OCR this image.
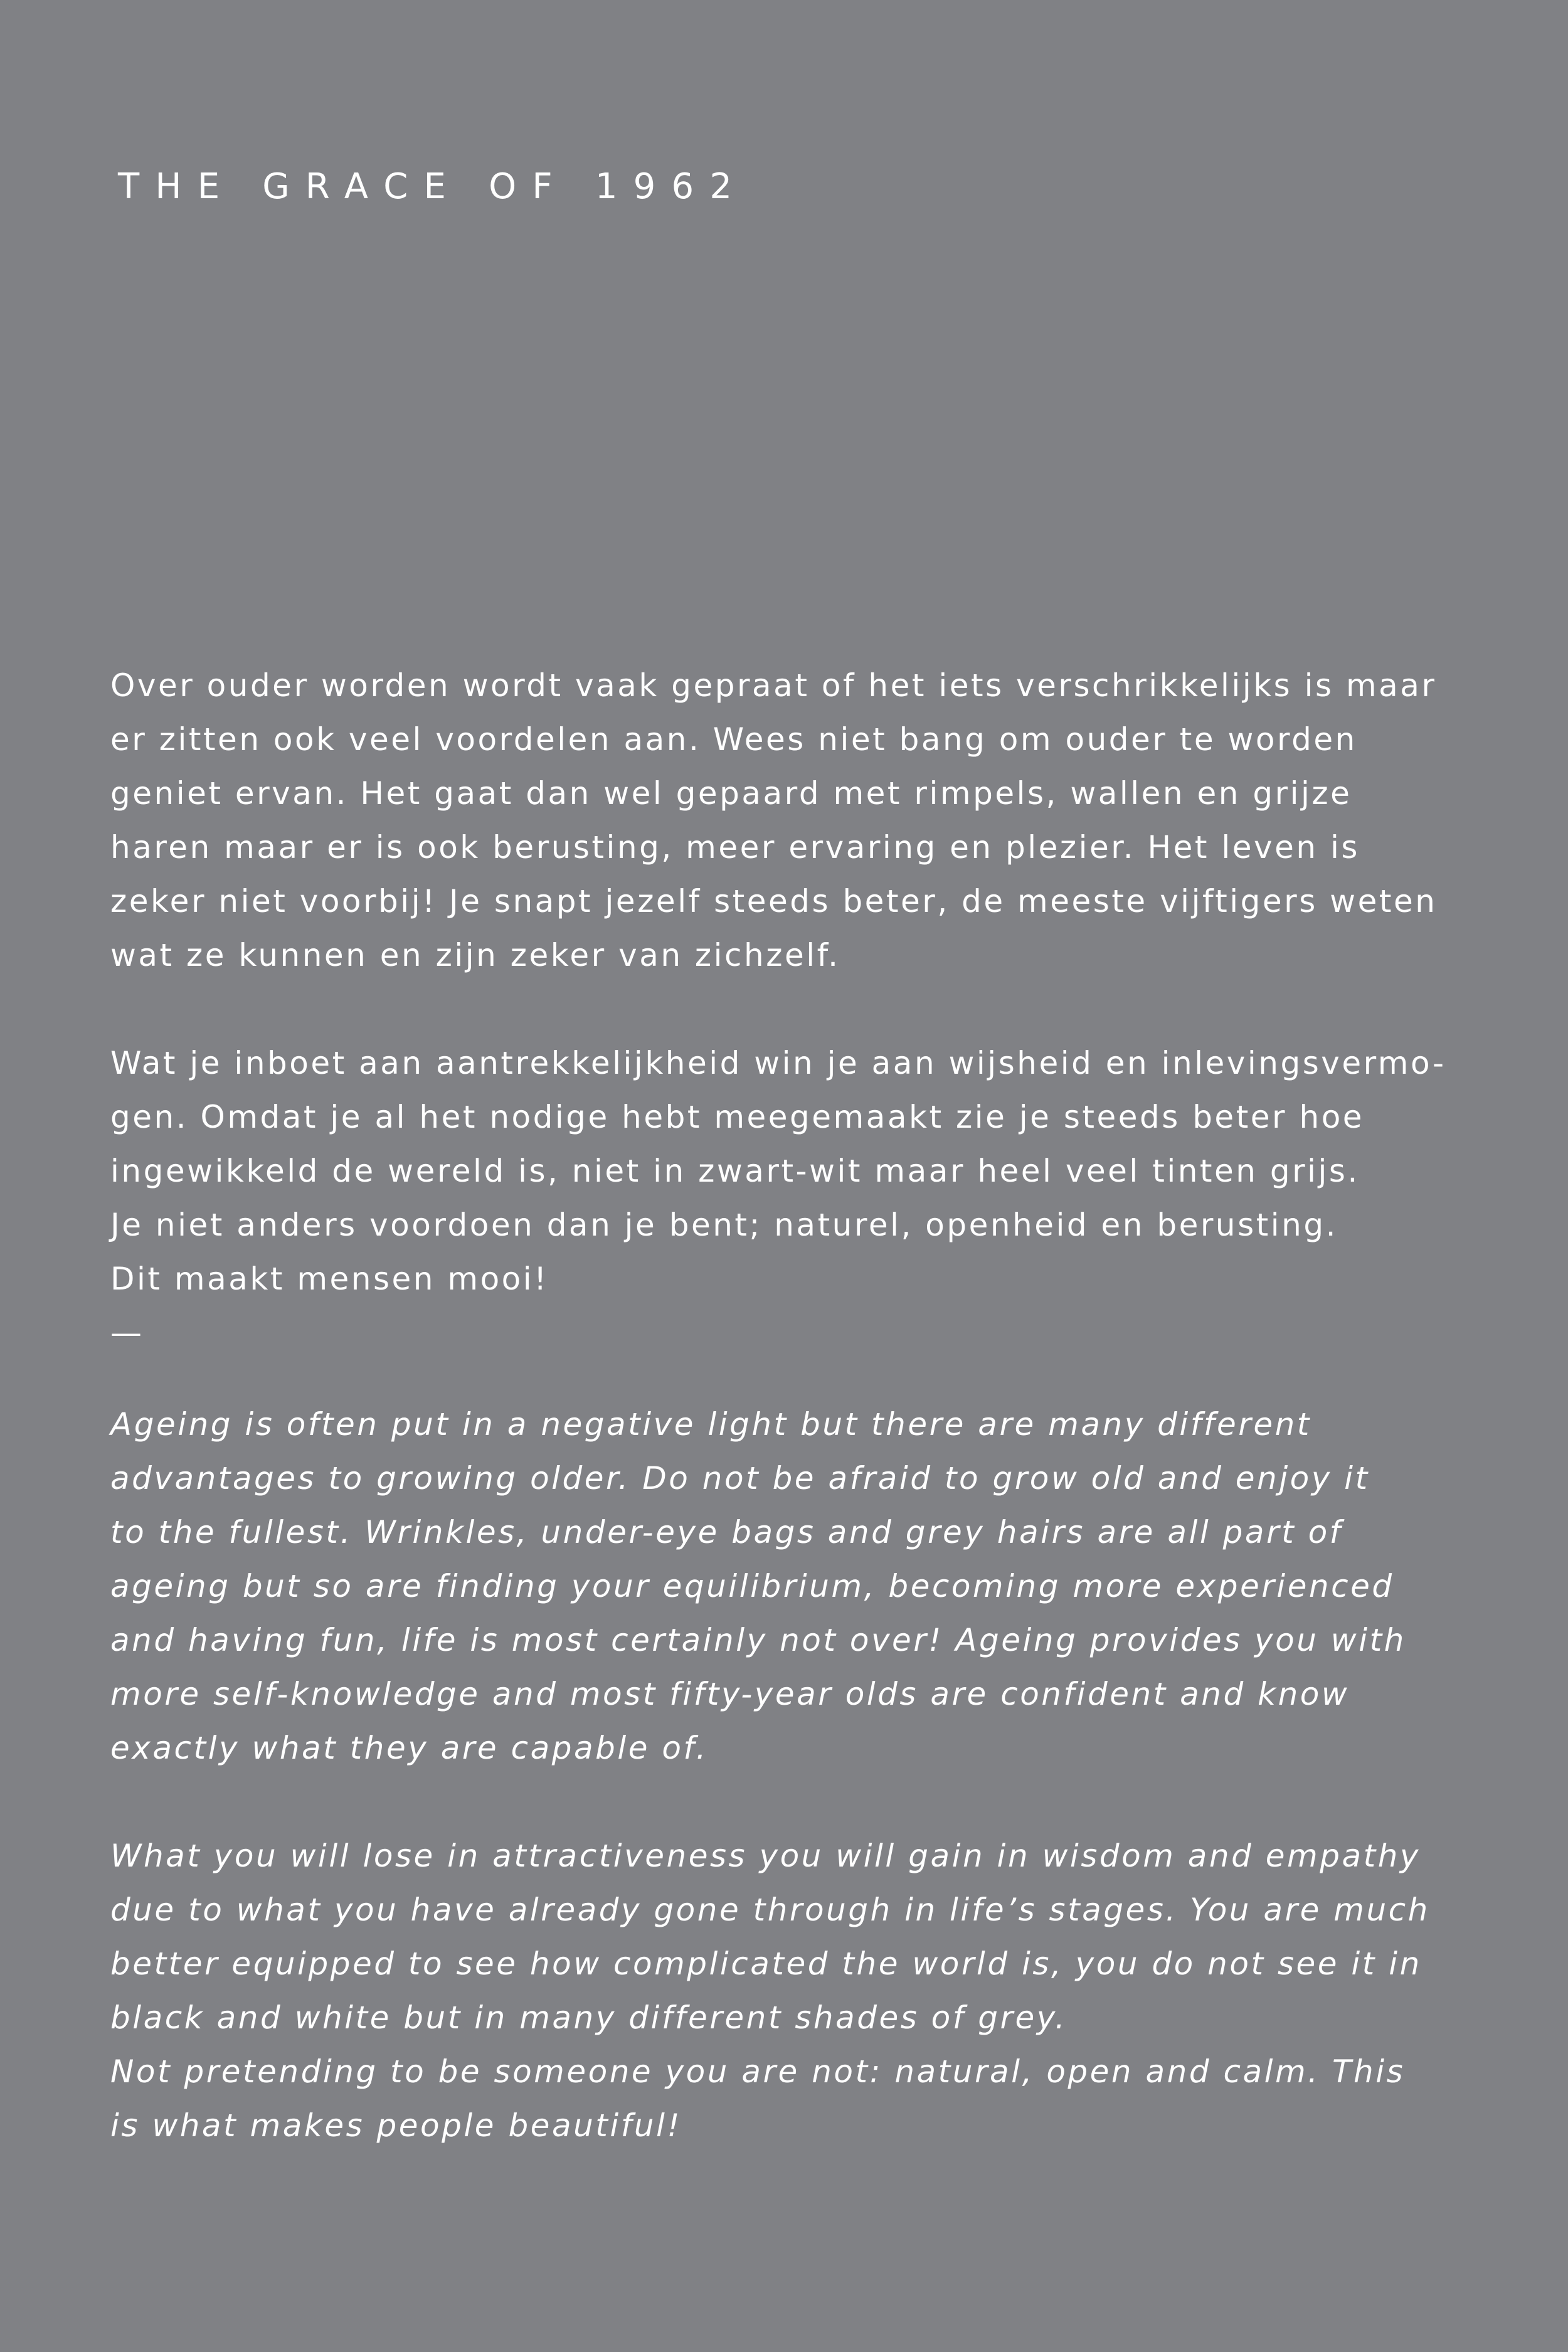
THE GRACE OF 1962

Over ouder worden wordt vaak gepraat of het iets verschrikkelijks is maar
er zitten ook veel voordelen aan. Wees niet bang om ouder te worden
geniet ervan. Het gaat dan wel gepaard met rimpels, wallen en grijze
haren maar er is ook berusting, meer ervaring en plezier. Het leven is
zeker niet voorbij! Je snapt jezelf steeds beter, de meeste vijftigers weten
wat ze kunnen en zijn zeker van zichzelf.

Wat je inboet aan aantrekkelijkheid win je aan wijsheid en inlevingsvermo-
gen. Omdat je al het nodige hebt meegemaakt zie je steeds beter hoe
ingewikkeld de wereld is, niet in zwart-wit maar heel veel tinten grijs.
Je niet anders voordoen dan je bent; naturel, openheid en berusting.
Dit maakt mensen mooi!

—

Ageing is often put in a negative light but there are many different
advantages to growing older. Do not be afraid to grow old and enjoy it
to the fullest. Wrinkles, under-eye bags and grey hairs are all part of
ageing but so are finding your equilibrium, becoming more experienced
and having fun, life is most certainly not over! Ageing provides you with
more self-knowledge and most fifty-year olds are confident and know
exactly what they are capable of.

What you will lose in attractiveness you will gain in wisdom and empathy
due to what you have already gone through in life’s stages. You are much
better equipped to see how complicated the world is, you do not see it in
black and white but in many different shades of grey.
Not pretending to be someone you are not: natural, open and calm. This
is what makes people beautiful!
